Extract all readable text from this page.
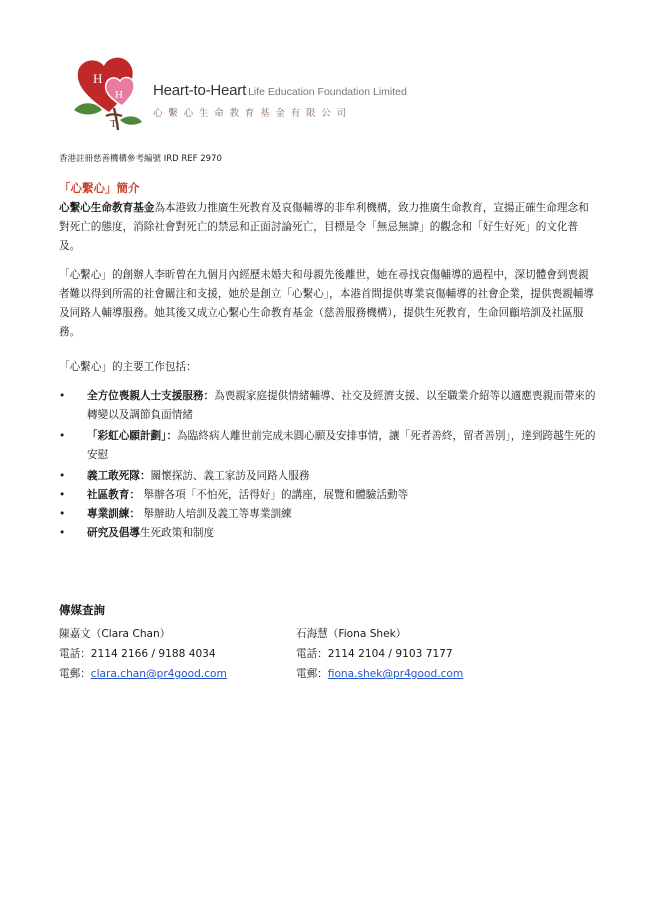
H
H
T
Heart-to-Heart Life Education Foundation Limited
心繫心生命教育基金有限公司
香港註冊慈善機構參考編號 IRD REF 2970
「心繫心」簡介
心繫心生命教育基金為本港致力推廣生死教育及哀傷輔導的非牟利機構，致力推廣生命教育，宣揚正確生命理念和對死亡的態度，消除社會對死亡的禁忌和正面討論死亡，目標是令「無忌無諱」的觀念和「好生好死」的文化普及。
「心繫心」的創辦人李昕曾在九個月內經歷未婚夫和母親先後離世，她在尋找哀傷輔導的過程中，深切體會到喪親者難以得到所需的社會關注和支援，她於是創立「心繫心」，本港首間提供專業哀傷輔導的社會企業，提供喪親輔導及同路人輔導服務。她其後又成立心繫心生命教育基金（慈善服務機構），提供生死教育，生命回顧培訓及社區服務。
「心繫心」的主要工作包括：
• 全方位喪親人士支援服務：為喪親家庭提供情緒輔導、社交及經濟支援、以至職業介紹等以適應喪親而帶來的轉變以及調節負面情緒
• 「彩虹心願計劃」：為臨終病人離世前完成未圓心願及安排事情，讓「死者善終，留者善別」，達到跨越生死的安慰
• 義工敢死隊：關懷探訪、義工家訪及同路人服務
• 社區教育： 舉辦各項「不怕死，活得好」的講座，展覽和體驗活動等
• 專業訓練： 舉辦助人培訓及義工等專業訓練
• 研究及倡導生死政策和制度
傳媒查詢
陳嘉文（Clara Chan）
電話：2114 2166 / 9188 4034
電郵：clara.chan@pr4good.com
石海慧（Fiona Shek）
電話：2114 2104 / 9103 7177
電郵：fiona.shek@pr4good.com
